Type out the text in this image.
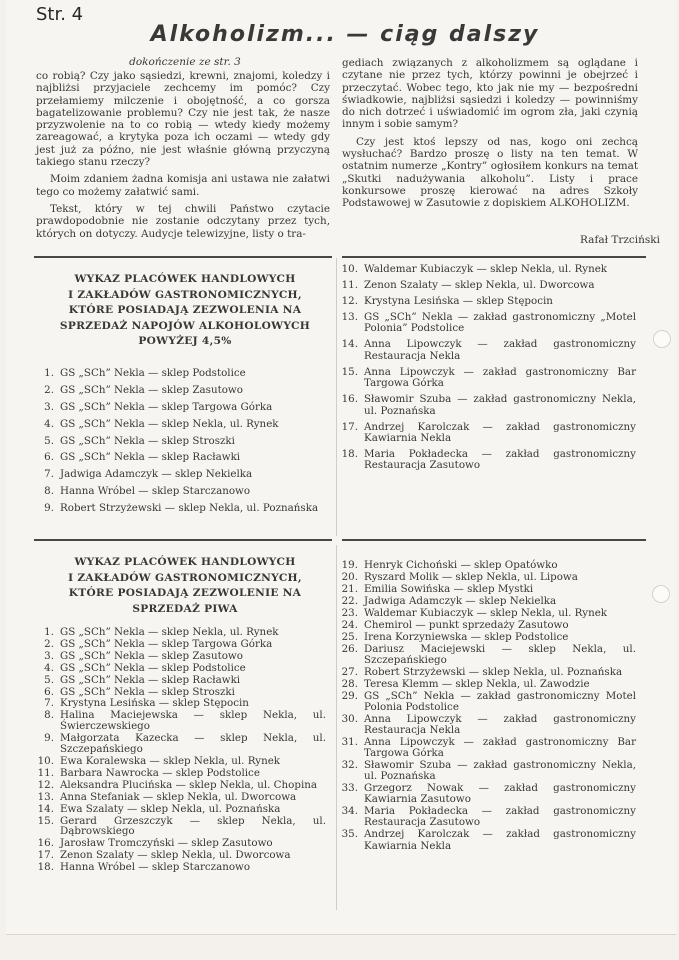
Str. 4
Alkoholizm... — ciąg dalszy
dokończenie ze str. 3

co robią? Czy jako sąsiedzi, krewni, znajomi, koledzy i najbliżsi przyjaciele zechcemy im pomóc? Czy przełamiemy milczenie i obojętność, a co gorsza bagatelizowanie problemu? Czy nie jest tak, że nasze przyzwolenie na to co robią — wtedy kiedy możemy zareagować, a krytyka poza ich oczami — wtedy gdy jest już za późno, nie jest właśnie główną przyczyną takiego stanu rzeczy?

Moim zdaniem żadna komisja ani ustawa nie załatwi tego co możemy załatwić sami.

Tekst, który w tej chwili Państwo czytacie prawdopodobnie nie zostanie odczytany przez tych, których on dotyczy. Audycje telewizyjne, listy o tra-

gediach związanych z alkoholizmem są oglądane i czytane nie przez tych, którzy powinni je obejrzeć i przeczytać. Wobec tego, kto jak nie my — bezpośredni świadkowie, najbliżsi sąsiedzi i koledzy — powinniśmy do nich dotrzeć i uświadomić im ogrom zła, jaki czynią innym i sobie samym?

Czy jest ktoś lepszy od nas, kogo oni zechcą wysłuchać? Bardzo proszę o listy na ten temat. W ostatnim numerze „Kontry” ogłosiłem konkurs na temat „Skutki nadużywania alkoholu”. Listy i prace konkursowe proszę kierować na adres Szkoły Podstawowej w Zasutowie z dopiskiem ALKOHOLIZM.

Rafał Trzciński
WYKAZ PLACÓWEK HANDLOWYCH
I ZAKŁADÓW GASTRONOMICZNYCH,
KTÓRE POSIADAJĄ ZEZWOLENIA NA
SPRZEDAŻ NAPOJÓW ALKOHOLOWYCH
POWYŻEJ 4,5%
1. GS „SCh” Nekla — sklep Podstolice
2. GS „SCh” Nekla — sklep Zasutowo
3. GS „SCh” Nekla — sklep Targowa Górka
4. GS „SCh” Nekla — sklep Nekla, ul. Rynek
5. GS „SCh” Nekla — sklep Stroszki
6. GS „SCh” Nekla — sklep Racławki
7. Jadwiga Adamczyk — sklep Nekielka
8. Hanna Wróbel — sklep Starczanowo
9. Robert Strzyżewski — sklep Nekla, ul. Poznańska
10. Waldemar Kubiaczyk — sklep Nekla, ul. Rynek
11. Zenon Szalaty — sklep Nekla, ul. Dworcowa
12. Krystyna Lesińska — sklep Stępocin
13. GS „SCh” Nekla — zakład gastronomiczny „Motel Polonia” Podstolice
14. Anna Lipowczyk — zakład gastronomiczny Restauracja Nekla
15. Anna Lipowczyk — zakład gastronomiczny Bar Targowa Górka
16. Sławomir Szuba — zakład gastronomiczny Nekla, ul. Poznańska
17. Andrzej Karolczak — zakład gastronomiczny Kawiarnia Nekla
18. Maria Pokładecka — zakład gastronomiczny Restauracja Zasutowo
WYKAZ PLACÓWEK HANDLOWYCH
I ZAKŁADÓW GASTRONOMICZNYCH,
KTÓRE POSIADAJĄ ZEZWOLENIE NA
SPRZEDAŻ PIWA
1. GS „SCh” Nekla — sklep Nekla, ul. Rynek
2. GS „SCh” Nekla — sklep Targowa Górka
3. GS „SCh” Nekla — sklep Zasutowo
4. GS „SCh” Nekla — sklep Podstolice
5. GS „SCh” Nekla — sklep Racławki
6. GS „SCh” Nekla — sklep Stroszki
7. Krystyna Lesińska — sklep Stępocin
8. Halina Maciejewska — sklep Nekla, ul. Świerczewskiego
9. Małgorzata Kazecka — sklep Nekla, ul. Szczepańskiego
10. Ewa Koralewska — sklep Nekla, ul. Rynek
11. Barbara Nawrocka — sklep Podstolice
12. Aleksandra Plucińska — sklep Nekla, ul. Chopina
13. Anna Stefaniak — sklep Nekla, ul. Dworcowa
14. Ewa Szalaty — sklep Nekla, ul. Poznańska
15. Gerard Grzeszczyk — sklep Nekla, ul. Dąbrowskiego
16. Jarosław Tromczyński — sklep Zasutowo
17. Zenon Szalaty — sklep Nekla, ul. Dworcowa
18. Hanna Wróbel — sklep Starczanowo
19. Henryk Cichoński — sklep Opatówko
20. Ryszard Molik — sklep Nekla, ul. Lipowa
21. Emilia Sowińska — sklep Mystki
22. Jadwiga Adamczyk — sklep Nekielka
23. Waldemar Kubiaczyk — sklep Nekla, ul. Rynek
24. Chemirol — punkt sprzedaży Zasutowo
25. Irena Korzyniewska — sklep Podstolice
26. Dariusz Maciejewski — sklep Nekla, ul. Szczepańskiego
27. Robert Strzyżewski — sklep Nekla, ul. Poznańska
28. Teresa Klemm — sklep Nekla, ul. Zawodzie
29. GS „SCh” Nekla — zakład gastronomiczny Motel Polonia Podstolice
30. Anna Lipowczyk — zakład gastronomiczny Restauracja Nekla
31. Anna Lipowczyk — zakład gastronomiczny Bar Targowa Górka
32. Sławomir Szuba — zakład gastronomiczny Nekla, ul. Poznańska
33. Grzegorz Nowak — zakład gastronomiczny Kawiarnia Zasutowo
34. Maria Pokładecka — zakład gastronomiczny Restauracja Zasutowo
35. Andrzej Karolczak — zakład gastronomiczny Kawiarnia Nekla
